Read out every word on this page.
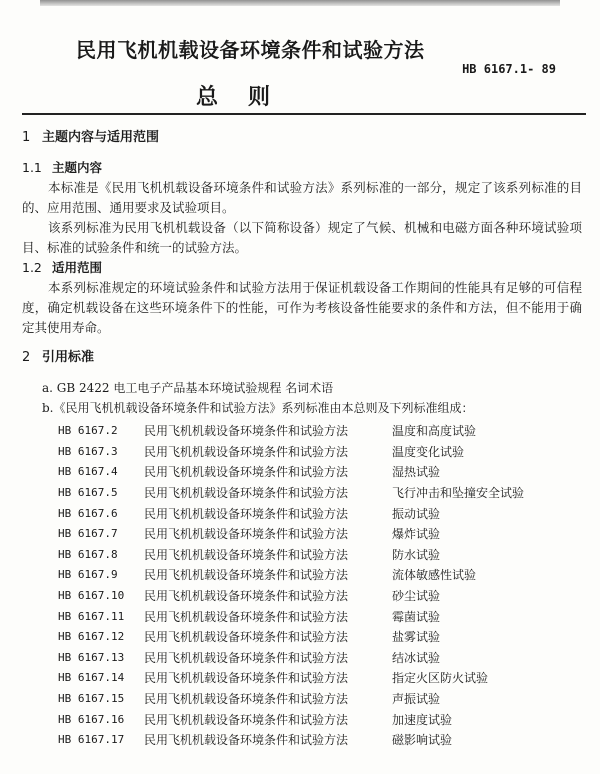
民用飞机机载设备环境条件和试验方法
HB 6167.1- 89
总则
1 主题内容与适用范围
1.1 主题内容

本标准是《民用飞机机载设备环境条件和试验方法》系列标准的一部分，规定了该系列标准的目的、应用范围、通用要求及试验项目。

该系列标准为民用飞机机载设备（以下简称设备）规定了气候、机械和电磁方面各种环境试验项目、标准的试验条件和统一的试验方法。

1.2 适用范围

本系列标准规定的环境试验条件和试验方法用于保证机载设备工作期间的性能具有足够的可信程度，确定机载设备在这些环境条件下的性能，可作为考核设备性能要求的条件和方法，但不能用于确定其使用寿命。

2 引用标准

a. GB 2422 电工电子产品基本环境试验规程 名词术语

b.《民用飞机机载设备环境条件和试验方法》系列标准由本总则及下列标准组成：

HB 6167.2	民用飞机机载设备环境条件和试验方法	温度和高度试验
HB 6167.3	民用飞机机载设备环境条件和试验方法	温度变化试验
HB 6167.4	民用飞机机载设备环境条件和试验方法	湿热试验
HB 6167.5	民用飞机机载设备环境条件和试验方法	飞行冲击和坠撞安全试验
HB 6167.6	民用飞机机载设备环境条件和试验方法	振动试验
HB 6167.7	民用飞机机载设备环境条件和试验方法	爆炸试验
HB 6167.8	民用飞机机载设备环境条件和试验方法	防水试验
HB 6167.9	民用飞机机载设备环境条件和试验方法	流体敏感性试验
HB 6167.10	民用飞机机载设备环境条件和试验方法	砂尘试验
HB 6167.11	民用飞机机载设备环境条件和试验方法	霉菌试验
HB 6167.12	民用飞机机载设备环境条件和试验方法	盐雾试验
HB 6167.13	民用飞机机载设备环境条件和试验方法	结冰试验
HB 6167.14	民用飞机机载设备环境条件和试验方法	指定火区防火试验
HB 6167.15	民用飞机机载设备环境条件和试验方法	声振试验
HB 6167.16	民用飞机机载设备环境条件和试验方法	加速度试验
HB 6167.17	民用飞机机载设备环境条件和试验方法	磁影响试验
